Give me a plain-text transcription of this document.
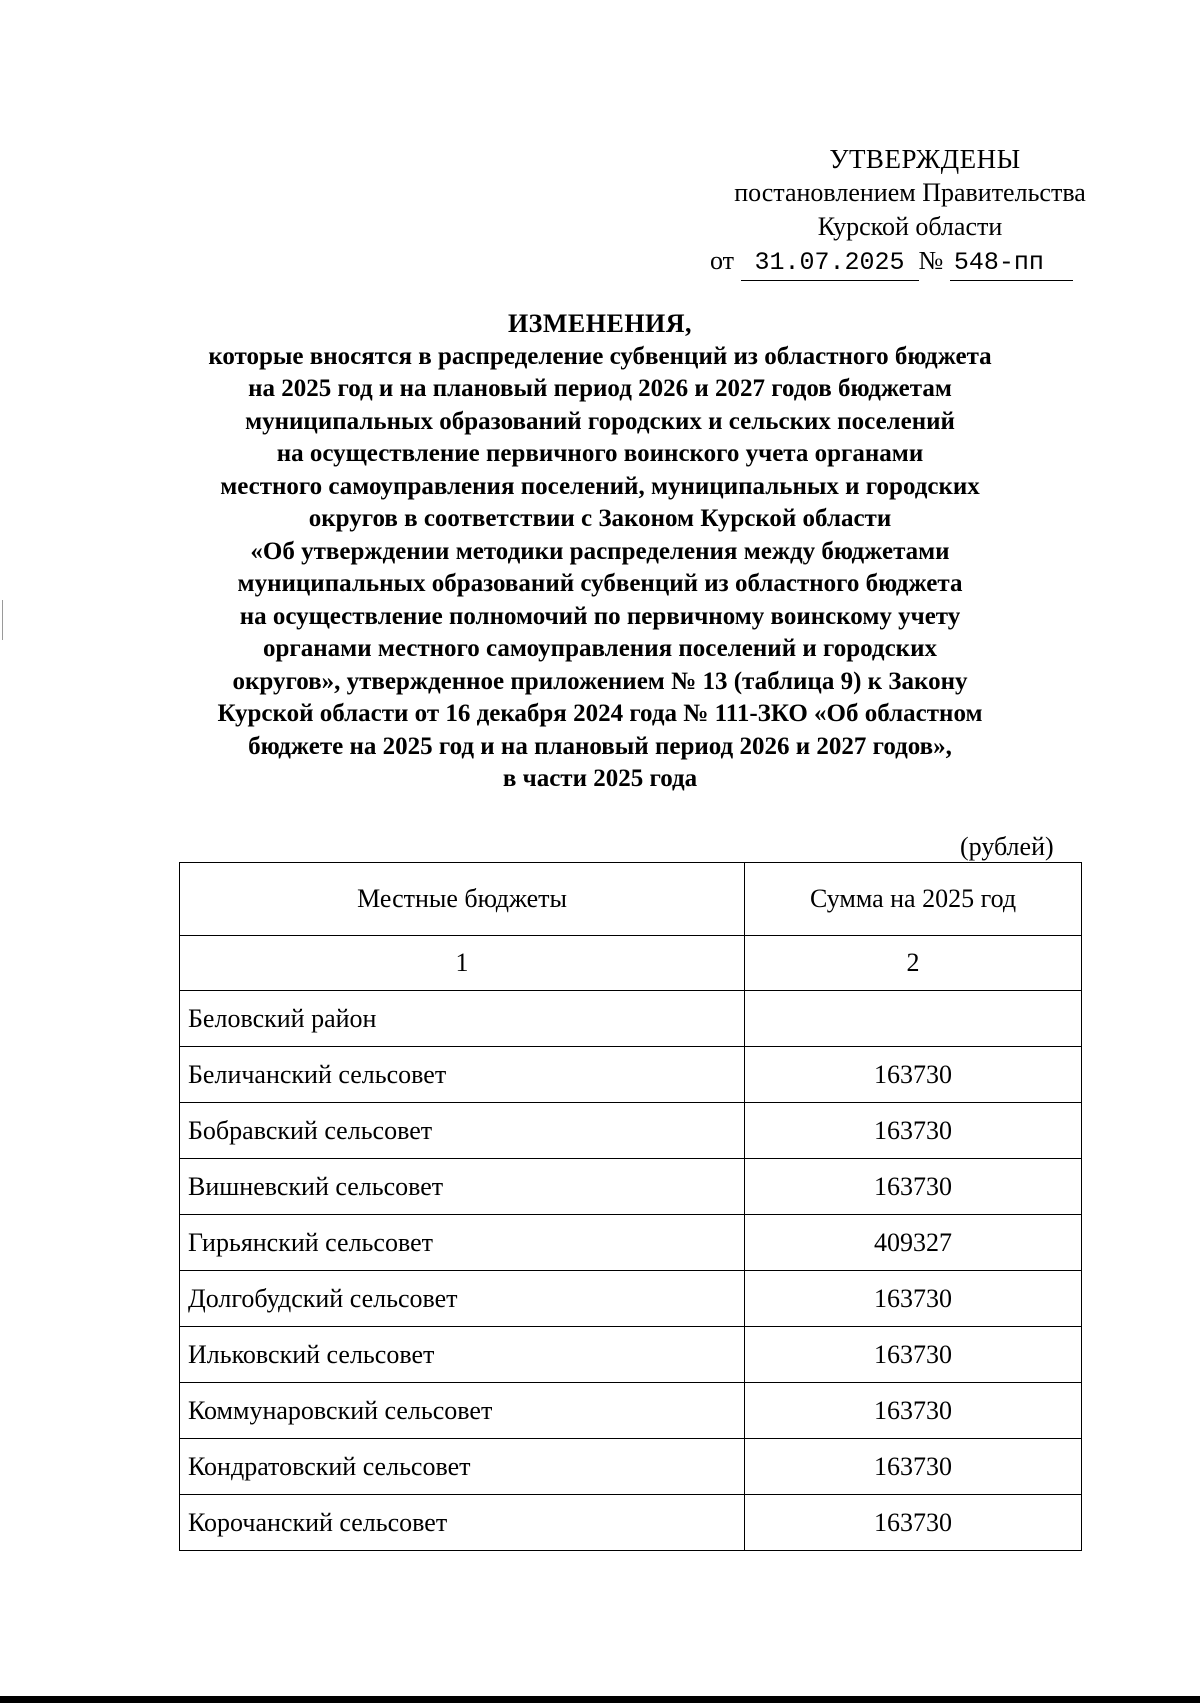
УТВЕРЖДЕНЫ
постановлением Правительства
Курской области
от 31.07.2025 № 548-пп
ИЗМЕНЕНИЯ,
которые вносятся в распределение субвенций из областного бюджета
на 2025 год и на плановый период 2026 и 2027 годов бюджетам
муниципальных образований городских и сельских поселений
на осуществление первичного воинского учета органами
местного самоуправления поселений, муниципальных и городских
округов в соответствии с Законом Курской области
«Об утверждении методики распределения между бюджетами
муниципальных образований субвенций из областного бюджета
на осуществление полномочий по первичному воинскому учету
органами местного самоуправления поселений и городских
округов», утвержденное приложением № 13 (таблица 9) к Закону
Курской области от 16 декабря 2024 года № 111-ЗКО «Об областном
бюджете на 2025 год и на плановый период 2026 и 2027 годов»,
в части 2025 года
(рублей)
Местные бюджеты	Сумма на 2025 год
1	2
Беловский район	
Беличанский сельсовет	163730
Бобравский сельсовет	163730
Вишневский сельсовет	163730
Гирьянский сельсовет	409327
Долгобудский сельсовет	163730
Ильковский сельсовет	163730
Коммунаровский сельсовет	163730
Кондратовский сельсовет	163730
Корочанский сельсовет	163730
